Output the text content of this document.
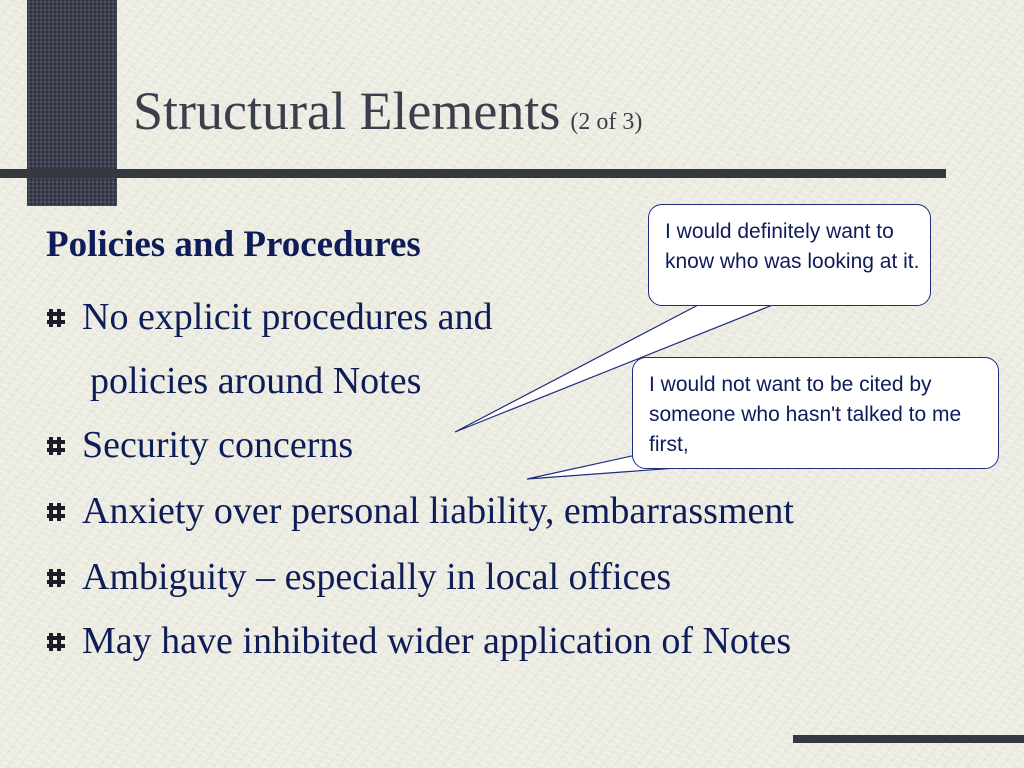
Structural Elements (2 of 3)
Policies and Procedures
No explicit procedures and
policies around Notes
Security concerns
Anxiety over personal liability, embarrassment
Ambiguity – especially in local offices
May have inhibited wider application of Notes
I would definitely want to know who was looking at it.
I would not want to be cited by someone who hasn't talked to me first,
